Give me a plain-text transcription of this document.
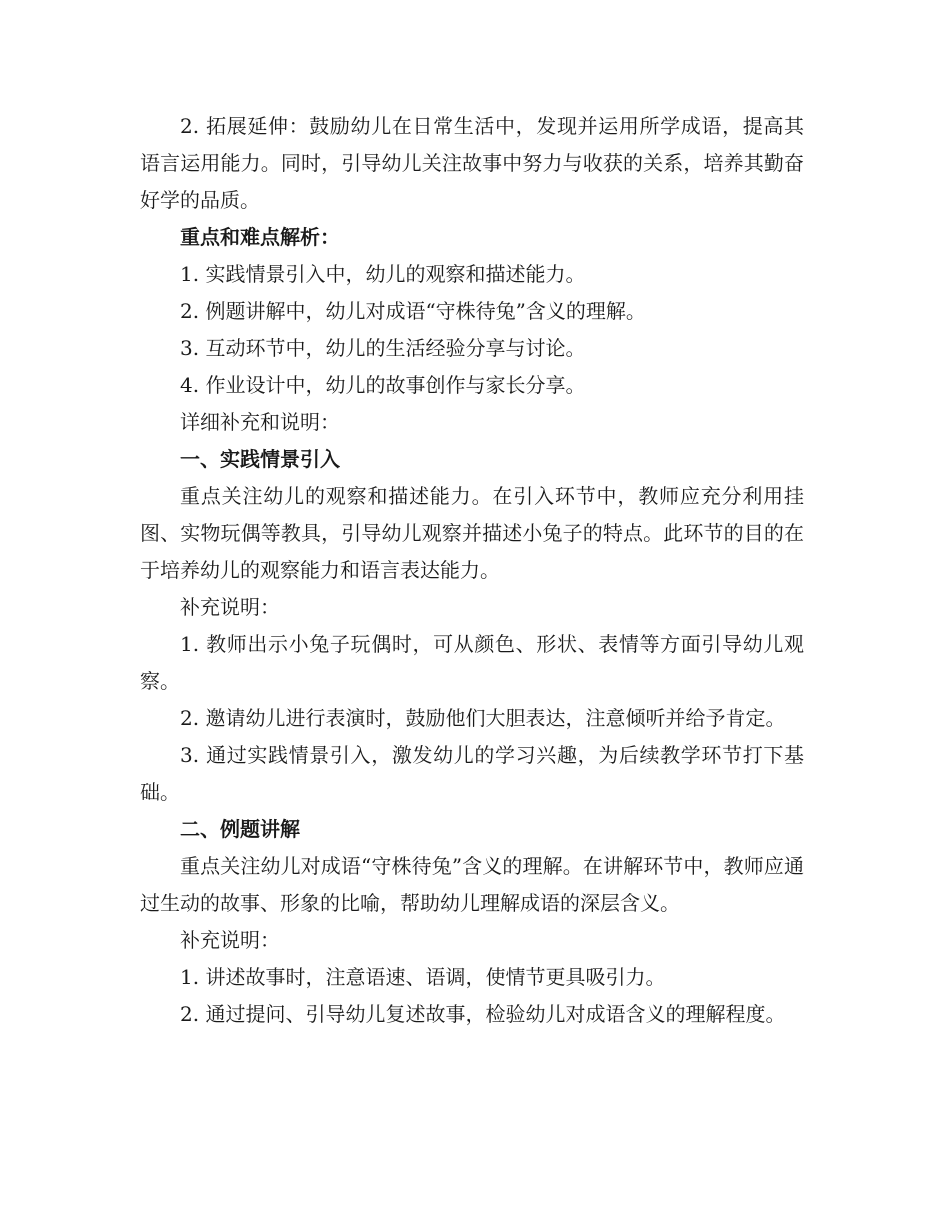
2. 拓展延伸：鼓励幼儿在日常生活中，发现并运用所学成语，提高其语言运用能力。同时，引导幼儿关注故事中努力与收获的关系，培养其勤奋好学的品质。

重点和难点解析：

1. 实践情景引入中，幼儿的观察和描述能力。

2. 例题讲解中，幼儿对成语“守株待兔”含义的理解。

3. 互动环节中，幼儿的生活经验分享与讨论。

4. 作业设计中，幼儿的故事创作与家长分享。

详细补充和说明：

一、实践情景引入

重点关注幼儿的观察和描述能力。在引入环节中，教师应充分利用挂图、实物玩偶等教具，引导幼儿观察并描述小兔子的特点。此环节的目的在于培养幼儿的观察能力和语言表达能力。

补充说明：

1. 教师出示小兔子玩偶时，可从颜色、形状、表情等方面引导幼儿观察。

2. 邀请幼儿进行表演时，鼓励他们大胆表达，注意倾听并给予肯定。

3. 通过实践情景引入，激发幼儿的学习兴趣，为后续教学环节打下基础。

二、例题讲解

重点关注幼儿对成语“守株待兔”含义的理解。在讲解环节中，教师应通过生动的故事、形象的比喻，帮助幼儿理解成语的深层含义。

补充说明：

1. 讲述故事时，注意语速、语调，使情节更具吸引力。

2. 通过提问、引导幼儿复述故事，检验幼儿对成语含义的理解程度。
